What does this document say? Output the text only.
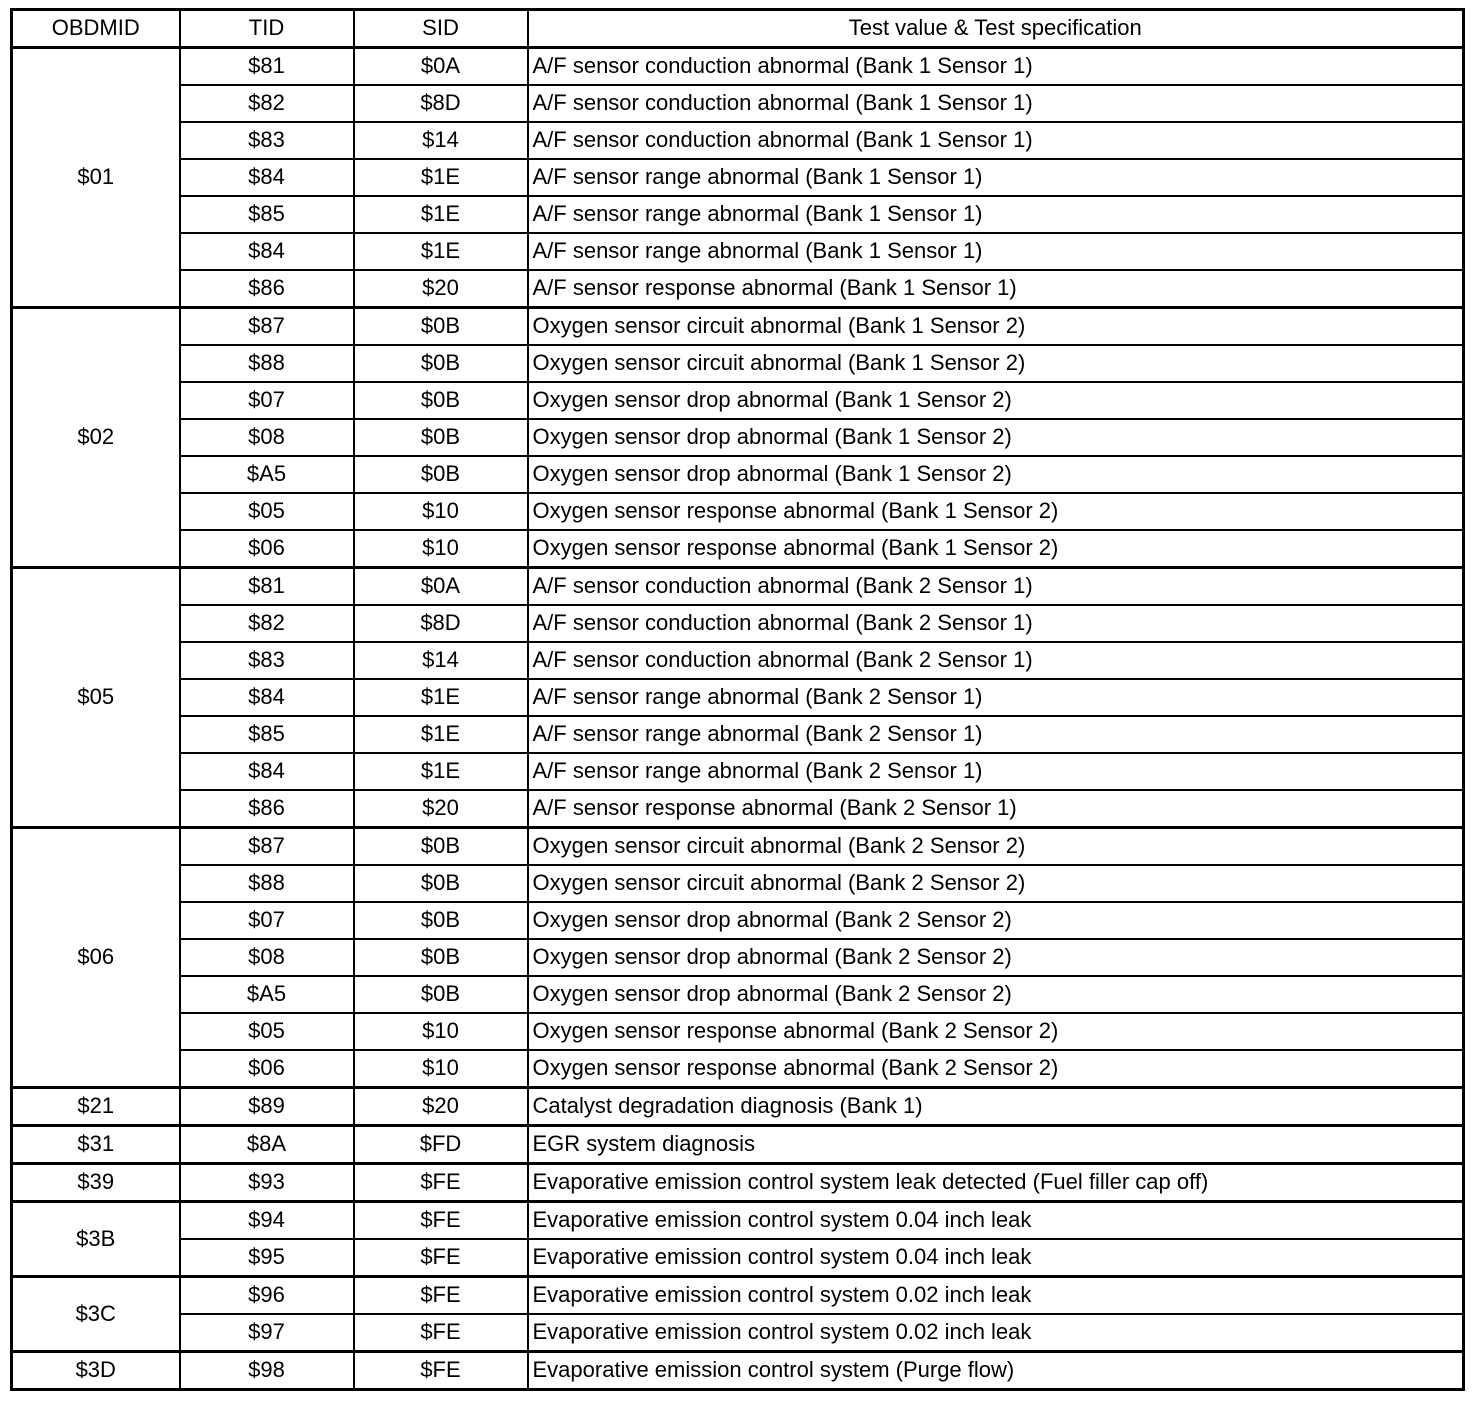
OBDMID	TID	SID	Test value & Test specification
$01	$81	$0A	A/F sensor conduction abnormal (Bank 1 Sensor 1)
	$82	$8D	A/F sensor conduction abnormal (Bank 1 Sensor 1)
	$83	$14	A/F sensor conduction abnormal (Bank 1 Sensor 1)
	$84	$1E	A/F sensor range abnormal (Bank 1 Sensor 1)
	$85	$1E	A/F sensor range abnormal (Bank 1 Sensor 1)
	$84	$1E	A/F sensor range abnormal (Bank 1 Sensor 1)
	$86	$20	A/F sensor response abnormal (Bank 1 Sensor 1)
$02	$87	$0B	Oxygen sensor circuit abnormal (Bank 1 Sensor 2)
	$88	$0B	Oxygen sensor circuit abnormal (Bank 1 Sensor 2)
	$07	$0B	Oxygen sensor drop abnormal (Bank 1 Sensor 2)
	$08	$0B	Oxygen sensor drop abnormal (Bank 1 Sensor 2)
	$A5	$0B	Oxygen sensor drop abnormal (Bank 1 Sensor 2)
	$05	$10	Oxygen sensor response abnormal (Bank 1 Sensor 2)
	$06	$10	Oxygen sensor response abnormal (Bank 1 Sensor 2)
$05	$81	$0A	A/F sensor conduction abnormal (Bank 2 Sensor 1)
	$82	$8D	A/F sensor conduction abnormal (Bank 2 Sensor 1)
	$83	$14	A/F sensor conduction abnormal (Bank 2 Sensor 1)
	$84	$1E	A/F sensor range abnormal (Bank 2 Sensor 1)
	$85	$1E	A/F sensor range abnormal (Bank 2 Sensor 1)
	$84	$1E	A/F sensor range abnormal (Bank 2 Sensor 1)
	$86	$20	A/F sensor response abnormal (Bank 2 Sensor 1)
$06	$87	$0B	Oxygen sensor circuit abnormal (Bank 2 Sensor 2)
	$88	$0B	Oxygen sensor circuit abnormal (Bank 2 Sensor 2)
	$07	$0B	Oxygen sensor drop abnormal (Bank 2 Sensor 2)
	$08	$0B	Oxygen sensor drop abnormal (Bank 2 Sensor 2)
	$A5	$0B	Oxygen sensor drop abnormal (Bank 2 Sensor 2)
	$05	$10	Oxygen sensor response abnormal (Bank 2 Sensor 2)
	$06	$10	Oxygen sensor response abnormal (Bank 2 Sensor 2)
$21	$89	$20	Catalyst degradation diagnosis (Bank 1)
$31	$8A	$FD	EGR system diagnosis
$39	$93	$FE	Evaporative emission control system leak detected (Fuel filler cap off)
$3B	$94	$FE	Evaporative emission control system 0.04 inch leak
	$95	$FE	Evaporative emission control system 0.04 inch leak
$3C	$96	$FE	Evaporative emission control system 0.02 inch leak
	$97	$FE	Evaporative emission control system 0.02 inch leak
$3D	$98	$FE	Evaporative emission control system (Purge flow)
